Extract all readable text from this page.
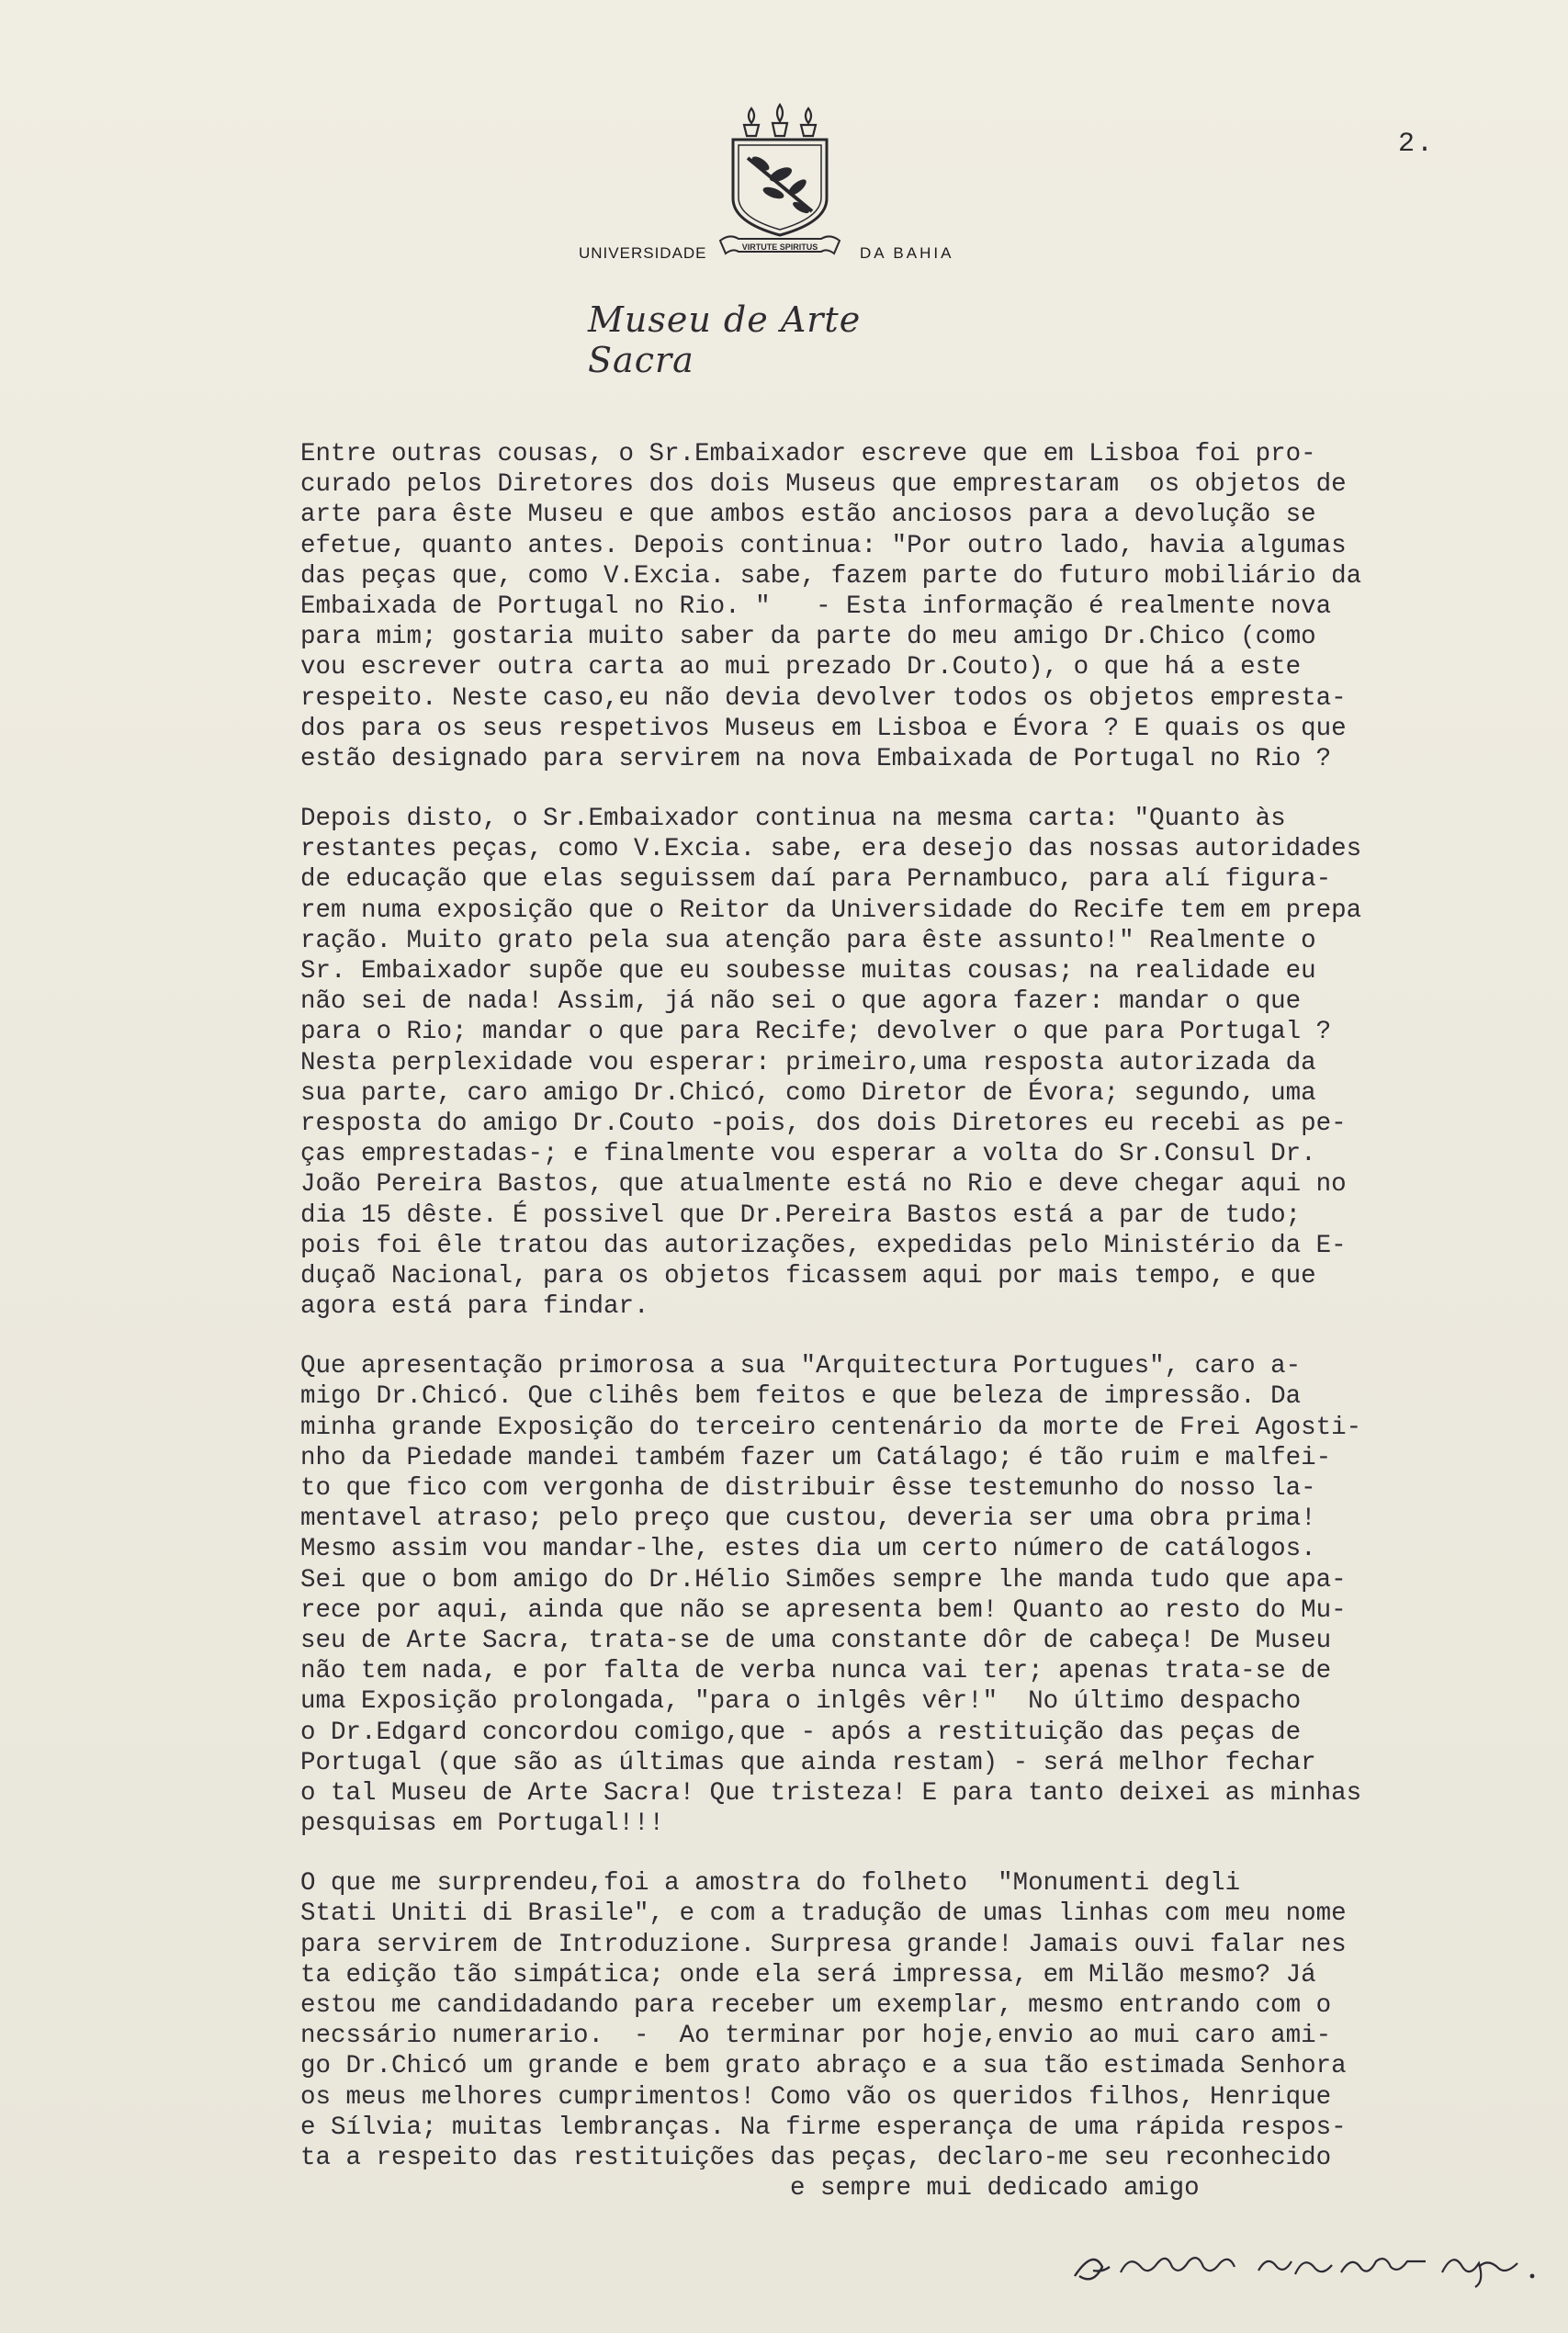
2.
VIRTUTE SPIRITUS
UNIVERSIDADE	DA BAHIA
Museu de Arte Sacra
Entre outras cousas, o Sr.Embaixador escreve que em Lisboa foi pro-
curado pelos Diretores dos dois Museus que emprestaram  os objetos de
arte para êste Museu e que ambos estão anciosos para a devolução se
efetue, quanto antes. Depois continua: "Por outro lado, havia algumas
das peças que, como V.Excia. sabe, fazem parte do futuro mobiliário da
Embaixada de Portugal no Rio. "   - Esta informação é realmente nova
para mim; gostaria muito saber da parte do meu amigo Dr.Chico (como
vou escrever outra carta ao mui prezado Dr.Couto), o que há a este
respeito. Neste caso,eu não devia devolver todos os objetos empresta-
dos para os seus respetivos Museus em Lisboa e Évora ? E quais os que
estão designado para servirem na nova Embaixada de Portugal no Rio ?
Depois disto, o Sr.Embaixador continua na mesma carta: "Quanto às
restantes peças, como V.Excia. sabe, era desejo das nossas autoridades
de educação que elas seguissem daí para Pernambuco, para alí figura-
rem numa exposição que o Reitor da Universidade do Recife tem em prepa
ração. Muito grato pela sua atenção para êste assunto!" Realmente o
Sr. Embaixador supõe que eu soubesse muitas cousas; na realidade eu
não sei de nada! Assim, já não sei o que agora fazer: mandar o que
para o Rio; mandar o que para Recife; devolver o que para Portugal ?
Nesta perplexidade vou esperar: primeiro,uma resposta autorizada da
sua parte, caro amigo Dr.Chicó, como Diretor de Évora; segundo, uma
resposta do amigo Dr.Couto -pois, dos dois Diretores eu recebi as pe-
ças emprestadas-; e finalmente vou esperar a volta do Sr.Consul Dr.
João Pereira Bastos, que atualmente está no Rio e deve chegar aqui no
dia 15 dêste. É possivel que Dr.Pereira Bastos está a par de tudo;
pois foi êle tratou das autorizações, expedidas pelo Ministério da E-
duçaõ Nacional, para os objetos ficassem aqui por mais tempo, e que
agora está para findar.
Que apresentação primorosa a sua "Arquitectura Portugues", caro a-
migo Dr.Chicó. Que clihês bem feitos e que beleza de impressão. Da
minha grande Exposição do terceiro centenário da morte de Frei Agosti-
nho da Piedade mandei também fazer um Catálago; é tão ruim e malfei-
to que fico com vergonha de distribuir êsse testemunho do nosso la-
mentavel atraso; pelo preço que custou, deveria ser uma obra prima!
Mesmo assim vou mandar-lhe, estes dia um certo número de catálogos.
Sei que o bom amigo do Dr.Hélio Simões sempre lhe manda tudo que apa-
rece por aqui, ainda que não se apresenta bem! Quanto ao resto do Mu-
seu de Arte Sacra, trata-se de uma constante dôr de cabeça! De Museu
não tem nada, e por falta de verba nunca vai ter; apenas trata-se de
uma Exposição prolongada, "para o inlgês vêr!"  No último despacho
o Dr.Edgard concordou comigo,que - após a restituição das peças de
Portugal (que são as últimas que ainda restam) - será melhor fechar
o tal Museu de Arte Sacra! Que tristeza! E para tanto deixei as minhas
pesquisas em Portugal!!!
O que me surprendeu,foi a amostra do folheto  "Monumenti degli
Stati Uniti di Brasile", e com a tradução de umas linhas com meu nome
para servirem de Introduzione. Surpresa grande! Jamais ouvi falar nes
ta edição tão simpática; onde ela será impressa, em Milão mesmo? Já
estou me candidadando para receber um exemplar, mesmo entrando com o
necssário numerario.  -  Ao terminar por hoje,envio ao mui caro ami-
go Dr.Chicó um grande e bem grato abraço e a sua tão estimada Senhora
os meus melhores cumprimentos! Como vão os queridos filhos, Henrique
e Sílvia; muitas lembranças. Na firme esperança de uma rápida respos-
ta a respeito das restituições das peças, declaro-me seu reconhecido
e sempre mui dedicado amigo
